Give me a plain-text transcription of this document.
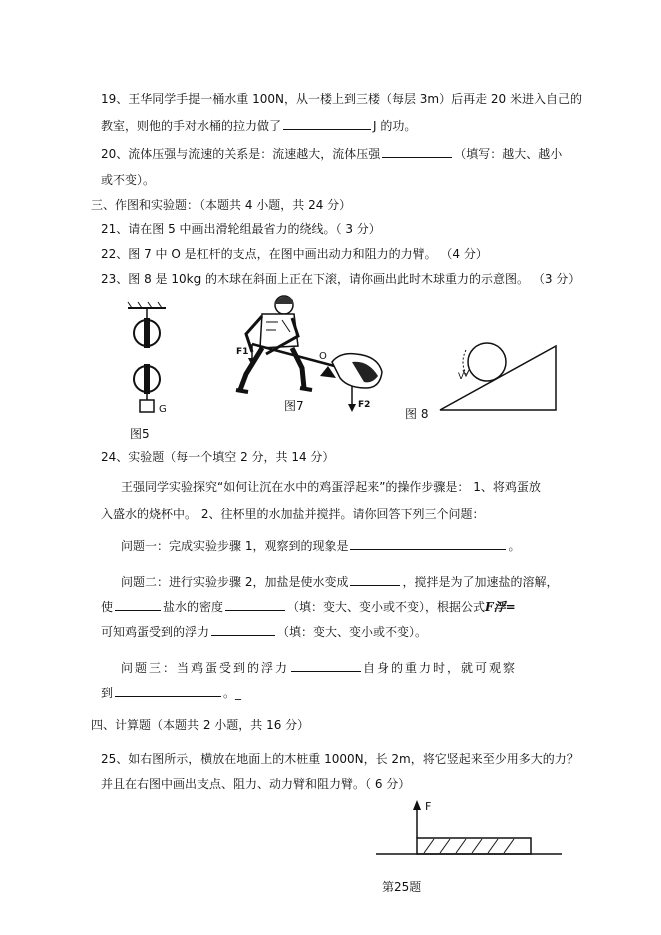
19、王华同学手提一桶水重 100N，从一楼上到三楼（每层 3m）后再走 20 米进入自己的
教室，则他的手对水桶的拉力做了	J 的功。
20、流体压强与流速的关系是：流速越大，流体压强	（填写：越大、越小
或不变）。
三、作图和实验题：（本题共 4 小题，共 24 分）
21、请在图 5 中画出滑轮组最省力的绕线。（ 3 分）
22、图 7 中 O 是杠杆的支点，在图中画出动力和阻力的力臂。 （4 分）
23、图 8 是 10kg 的木球在斜面上正在下滚，请你画出此时木球重力的示意图。 （3 分）
G
图5
F1	O
F2
图7
V
图 8
24、实验题（每一个填空 2 分，共 14 分）
王强同学实验探究“如何让沉在水中的鸡蛋浮起来”的操作步骤是： 1、将鸡蛋放
入盛水的烧杯中。 2、往杯里的水加盐并搅拌。请你回答下列三个问题：
问题一：完成实验步骤 1，观察到的现象是	。
问题二：进行实验步骤 2，加盐是使水变成	，搅拌是为了加速盐的溶解，
使	盐水的密度	（填：变大、变小或不变），根据公式F浮=
可知鸡蛋受到的浮力	（填：变大、变小或不变）。
问题三：当鸡蛋受到的浮力	自身的重力时，就可观察
到	。_
四、计算题（本题共 2 小题，共 16 分）
25、如右图所示，横放在地面上的木桩重 1000N，长 2m，将它竖起来至少用多大的力？
并且在右图中画出支点、阻力、动力臂和阻力臂。（ 6 分）
F
第25题
